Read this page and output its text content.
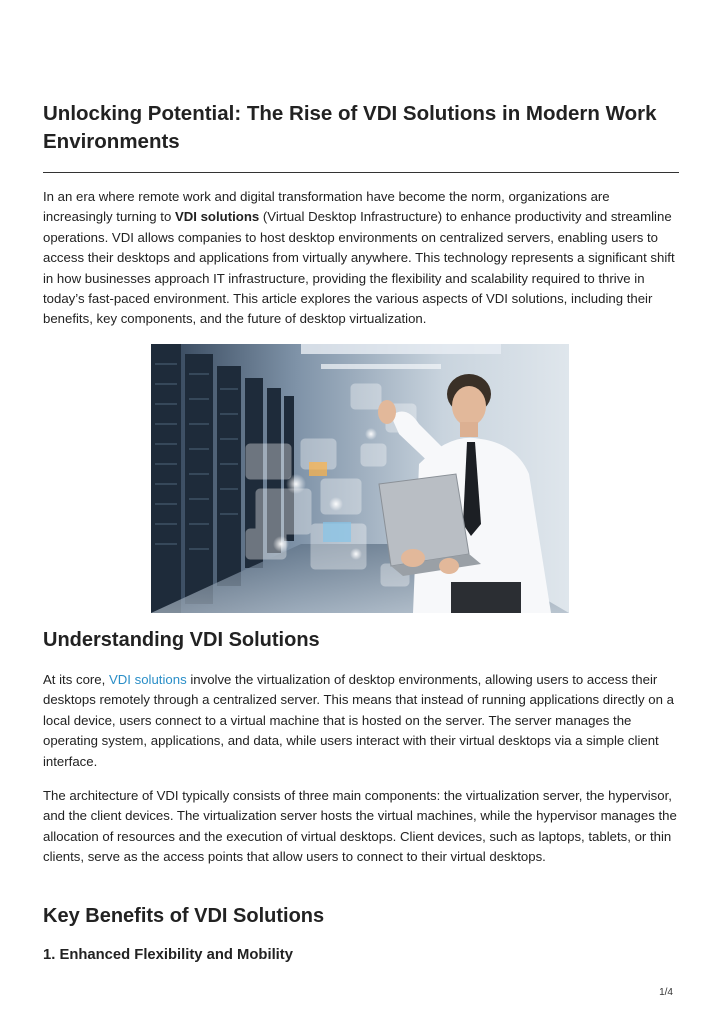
Unlocking Potential: The Rise of VDI Solutions in Modern Work Environments

In an era where remote work and digital transformation have become the norm, organizations are increasingly turning to VDI solutions (Virtual Desktop Infrastructure) to enhance productivity and streamline operations. VDI allows companies to host desktop environments on centralized servers, enabling users to access their desktops and applications from virtually anywhere. This technology represents a significant shift in how businesses approach IT infrastructure, providing the flexibility and scalability required to thrive in today’s fast-paced environment. This article explores the various aspects of VDI solutions, including their benefits, key components, and the future of desktop virtualization.

Understanding VDI Solutions

At its core, VDI solutions involve the virtualization of desktop environments, allowing users to access their desktops remotely through a centralized server. This means that instead of running applications directly on a local device, users connect to a virtual machine that is hosted on the server. The server manages the operating system, applications, and data, while users interact with their virtual desktops via a simple client interface.

The architecture of VDI typically consists of three main components: the virtualization server, the hypervisor, and the client devices. The virtualization server hosts the virtual machines, while the hypervisor manages the allocation of resources and the execution of virtual desktops. Client devices, such as laptops, tablets, or thin clients, serve as the access points that allow users to connect to their virtual desktops.

Key Benefits of VDI Solutions
1. Enhanced Flexibility and Mobility
1/4
